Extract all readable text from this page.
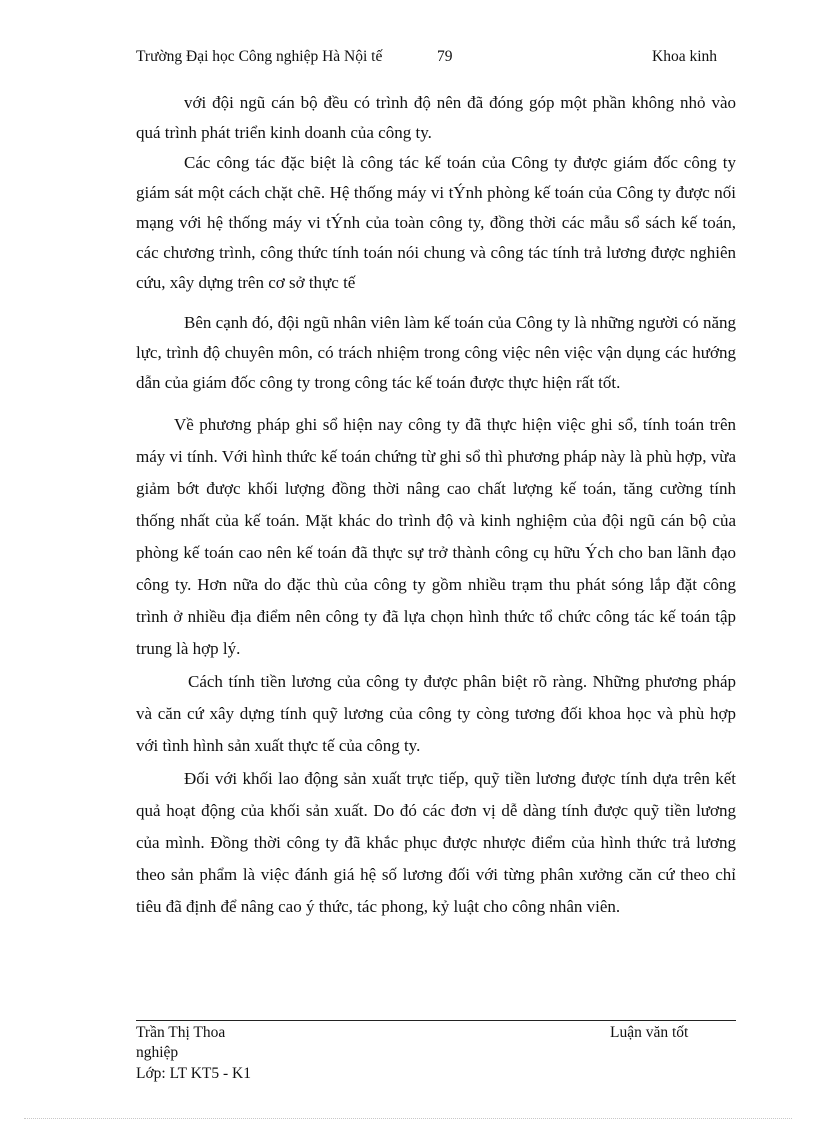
Trường Đại học Công nghiệp Hà Nội tế	79	Khoa kinh

với đội ngũ cán bộ đều có trình độ nên đã đóng góp một phần không nhỏ vào quá trình phát triển kinh doanh của công ty.

Các công tác đặc biệt là công tác kế toán của Công ty được giám đốc công ty giám sát một cách chặt chẽ. Hệ thống máy vi tÝnh phòng kế toán của Công ty được nối mạng với hệ thống máy vi tÝnh của toàn công ty, đồng thời các mẫu sổ sách kế toán, các chương trình, công thức tính toán nói chung và công tác tính trả lương được nghiên cứu, xây dựng trên cơ sở thực tế

Bên cạnh đó, đội ngũ nhân viên làm kế toán của Công ty là những người có năng lực, trình độ chuyên môn, có trách nhiệm trong công việc nên việc vận dụng các hướng dẫn của giám đốc công ty trong công tác kế toán được thực hiện rất tốt.

Về phương pháp ghi sổ hiện nay công ty đã thực hiện việc ghi sổ, tính toán trên máy vi tính. Với hình thức kế toán chứng từ ghi sổ thì phương pháp này là phù hợp, vừa giảm bớt được khối lượng đồng thời nâng cao chất lượng kế toán, tăng cường tính thống nhất của kế toán. Mặt khác do trình độ và kinh nghiệm của đội ngũ cán bộ của phòng kế toán cao nên kế toán đã thực sự trở thành công cụ hữu Ých cho ban lãnh đạo công ty. Hơn nữa do đặc thù của công ty gồm nhiều trạm thu phát sóng lắp đặt công trình ở nhiều địa điểm nên công ty đã lựa chọn hình thức tổ chức công tác kế toán tập trung là hợp lý.

Cách tính tiền lương của công ty được phân biệt rõ ràng. Những phương pháp và căn cứ xây dựng tính quỹ lương của công ty còng tương đối khoa học và phù hợp với tình hình sản xuất thực tế của công ty.

Đối với khối lao động sản xuất trực tiếp, quỹ tiền lương được tính dựa trên kết quả hoạt động của khối sản xuất. Do đó các đơn vị dễ dàng tính được quỹ tiền lương của mình. Đồng thời công ty đã khắc phục được nhược điểm của hình thức trả lương theo sản phẩm là việc đánh giá hệ số lương đối với từng phân xưởng căn cứ theo chỉ tiêu đã định để nâng cao ý thức, tác phong, kỷ luật cho công nhân viên.

Trần Thị Thoa	Luận văn tốt
nghiệp
Lớp: LT KT5 - K1
